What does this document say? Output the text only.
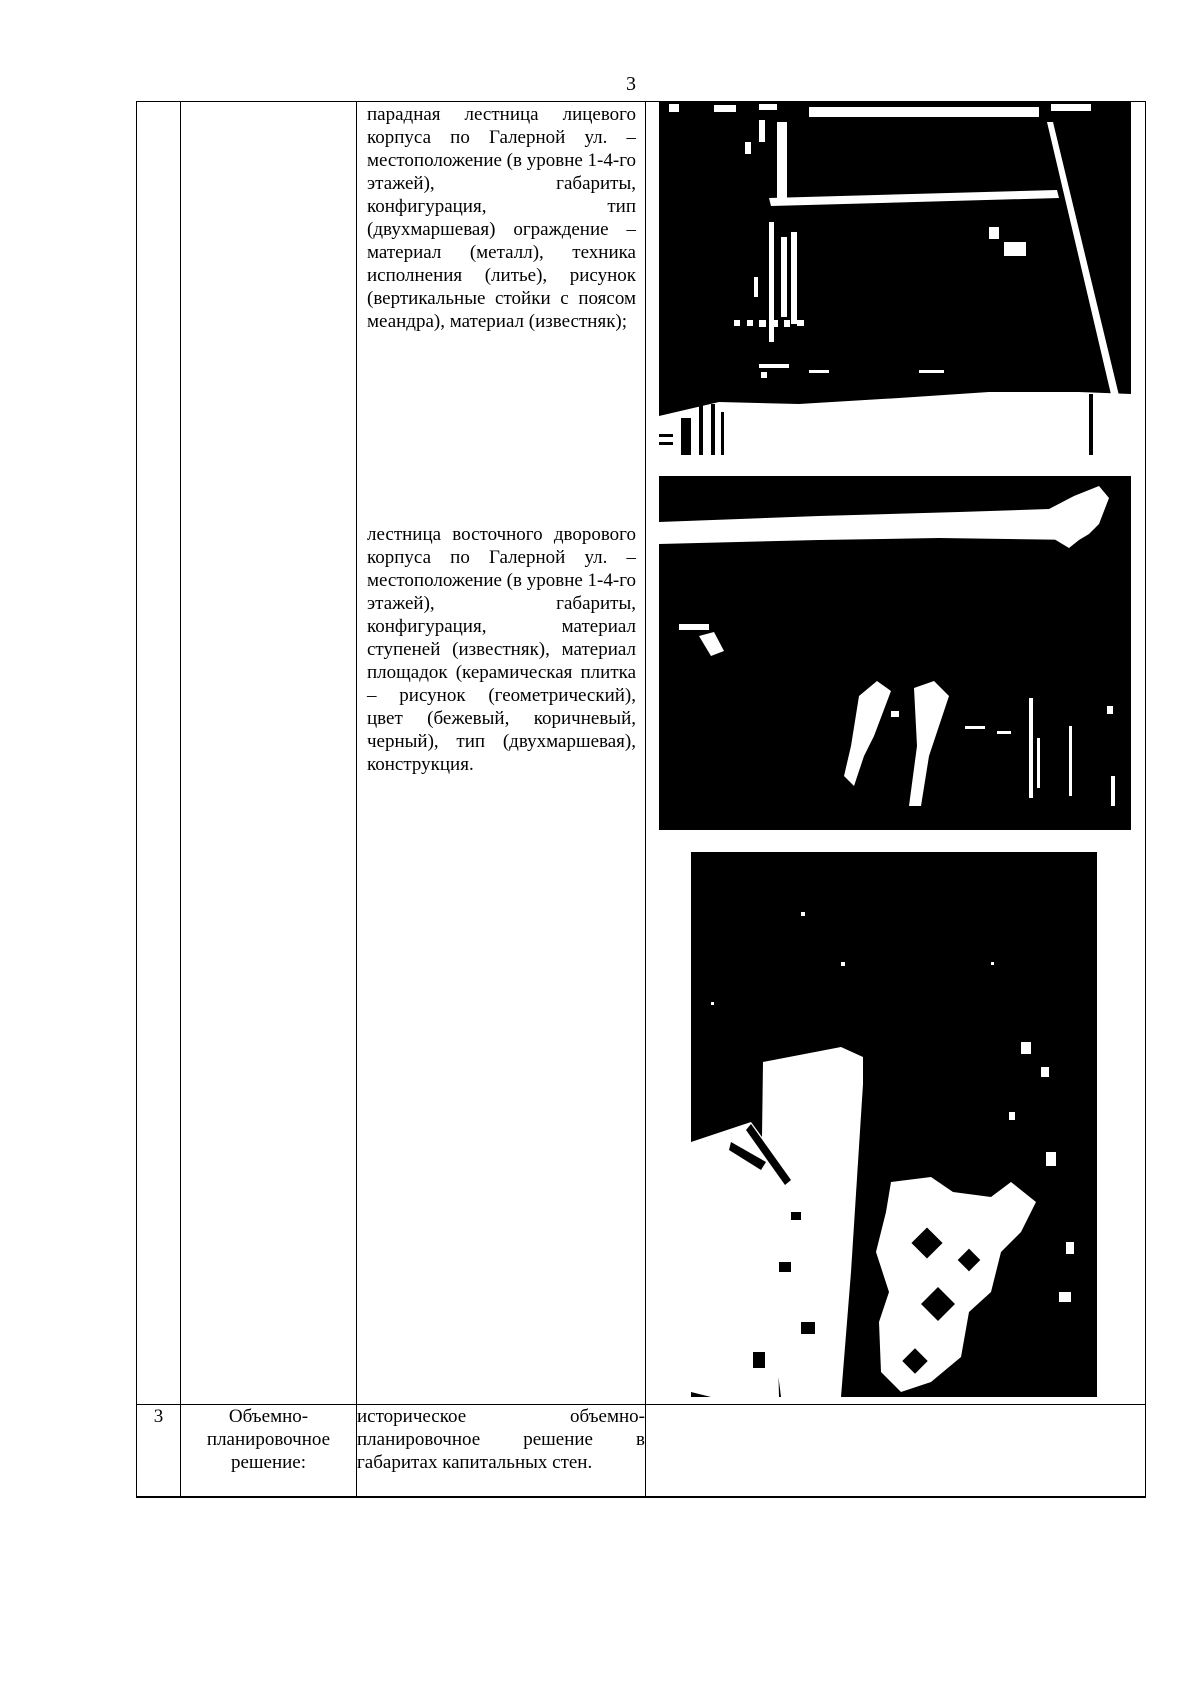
3

		парадная лестница лицевого корпуса по Галерной ул. – местоположение (в уровне 1-4-го этажей), габариты, конфигурация, тип (двухмаршевая) ограждение – материал (металл), техника исполнения (литье), рисунок (вертикальные стойки с поясом меандра), материал (известняк);
лестница восточного дворового корпуса по Галерной ул. – местоположение (в уровне 1-4-го этажей), габариты, конфигурация, материал ступеней (известняк), материал площадок (керамическая плитка – рисунок (геометрический), цвет (бежевый, коричневый, черный), тип (двухмаршевая), конструкция.

3	Объемно-планировочное решение:	историческое объемно-планировочное решение в габаритах капитальных стен.	
